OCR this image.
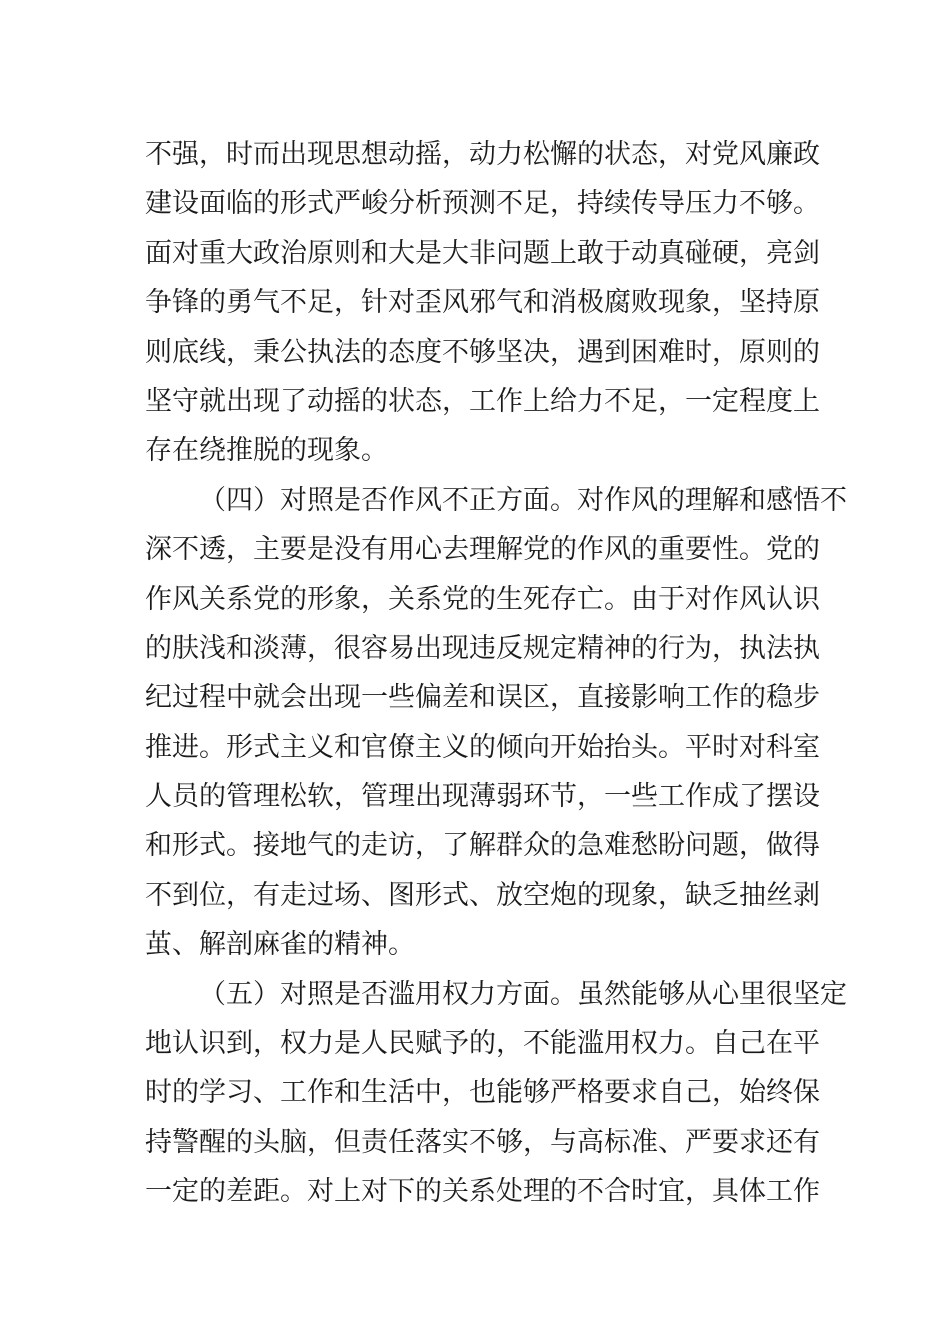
不强，时而出现思想动摇，动力松懈的状态，对党风廉政
建设面临的形式严峻分析预测不足，持续传导压力不够。
面对重大政治原则和大是大非问题上敢于动真碰硬，亮剑
争锋的勇气不足，针对歪风邪气和消极腐败现象，坚持原
则底线，秉公执法的态度不够坚决，遇到困难时，原则的
坚守就出现了动摇的状态，工作上给力不足，一定程度上
存在绕推脱的现象。
（四）对照是否作风不正方面。对作风的理解和感悟不
深不透，主要是没有用心去理解党的作风的重要性。党的
作风关系党的形象，关系党的生死存亡。由于对作风认识
的肤浅和淡薄，很容易出现违反规定精神的行为，执法执
纪过程中就会出现一些偏差和误区，直接影响工作的稳步
推进。形式主义和官僚主义的倾向开始抬头。平时对科室
人员的管理松软，管理出现薄弱环节，一些工作成了摆设
和形式。接地气的走访，了解群众的急难愁盼问题，做得
不到位，有走过场、图形式、放空炮的现象，缺乏抽丝剥
茧、解剖麻雀的精神。
（五）对照是否滥用权力方面。虽然能够从心里很坚定
地认识到，权力是人民赋予的，不能滥用权力。自己在平
时的学习、工作和生活中，也能够严格要求自己，始终保
持警醒的头脑，但责任落实不够，与高标准、严要求还有
一定的差距。对上对下的关系处理的不合时宜，具体工作
